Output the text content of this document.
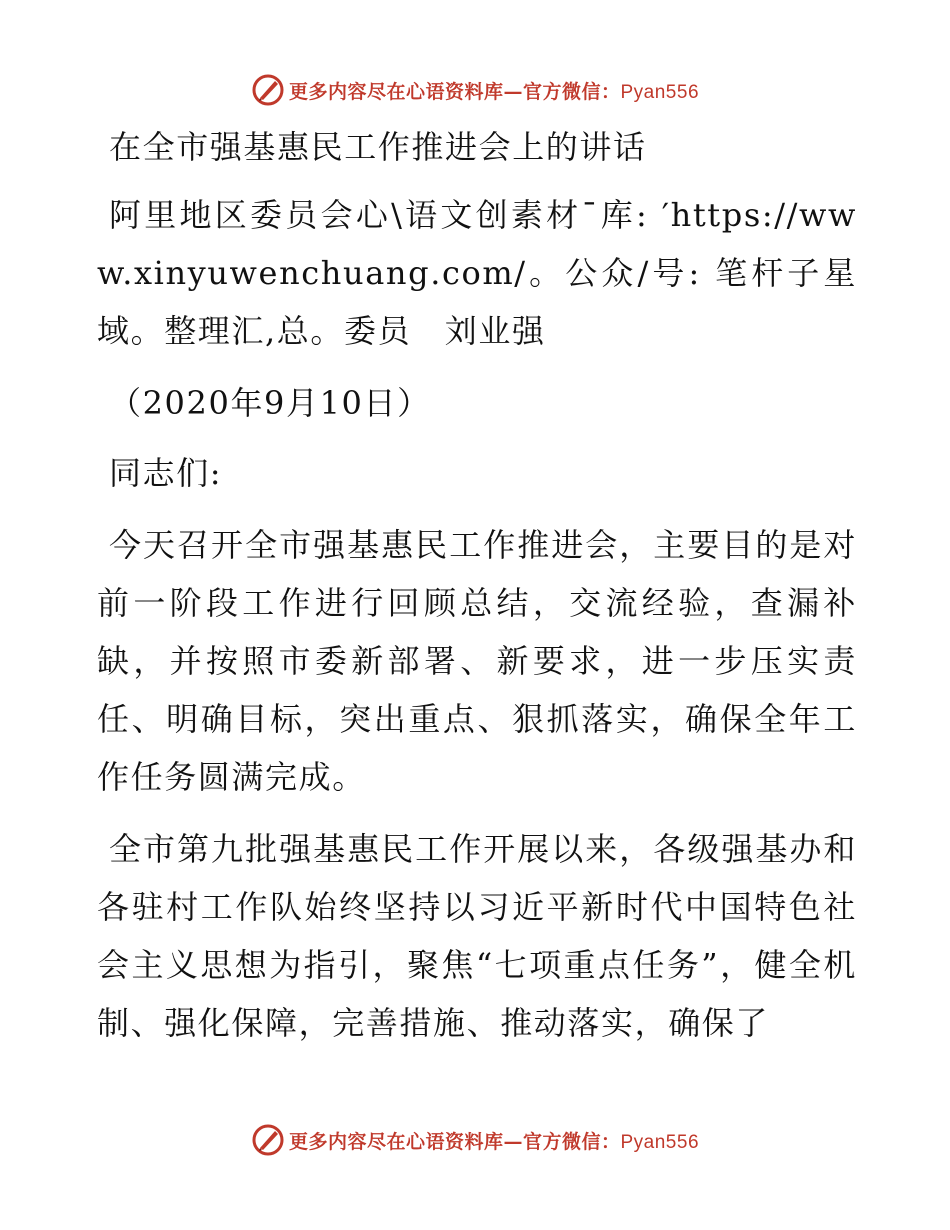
更多内容尽在心语资料库—官方微信：Pyan556

在全市强基惠民工作推进会上的讲话

阿里地区委员会心\语文创素材¯库: ′https://www.xinyuwenchuang.com/。公众/号: 笔杆子星域。整理汇,总。委员　刘业强

（2020年9月10日）

同志们:

今天召开全市强基惠民工作推进会，主要目的是对前一阶段工作进行回顾总结，交流经验，查漏补缺，并按照市委新部署、新要求，进一步压实责任、明确目标，突出重点、狠抓落实，确保全年工作任务圆满完成。

全市第九批强基惠民工作开展以来，各级强基办和各驻村工作队始终坚持以习近平新时代中国特色社会主义思想为指引，聚焦“七项重点任务”，健全机制、强化保障，完善措施、推动落实，确保了

更多内容尽在心语资料库—官方微信：Pyan556
